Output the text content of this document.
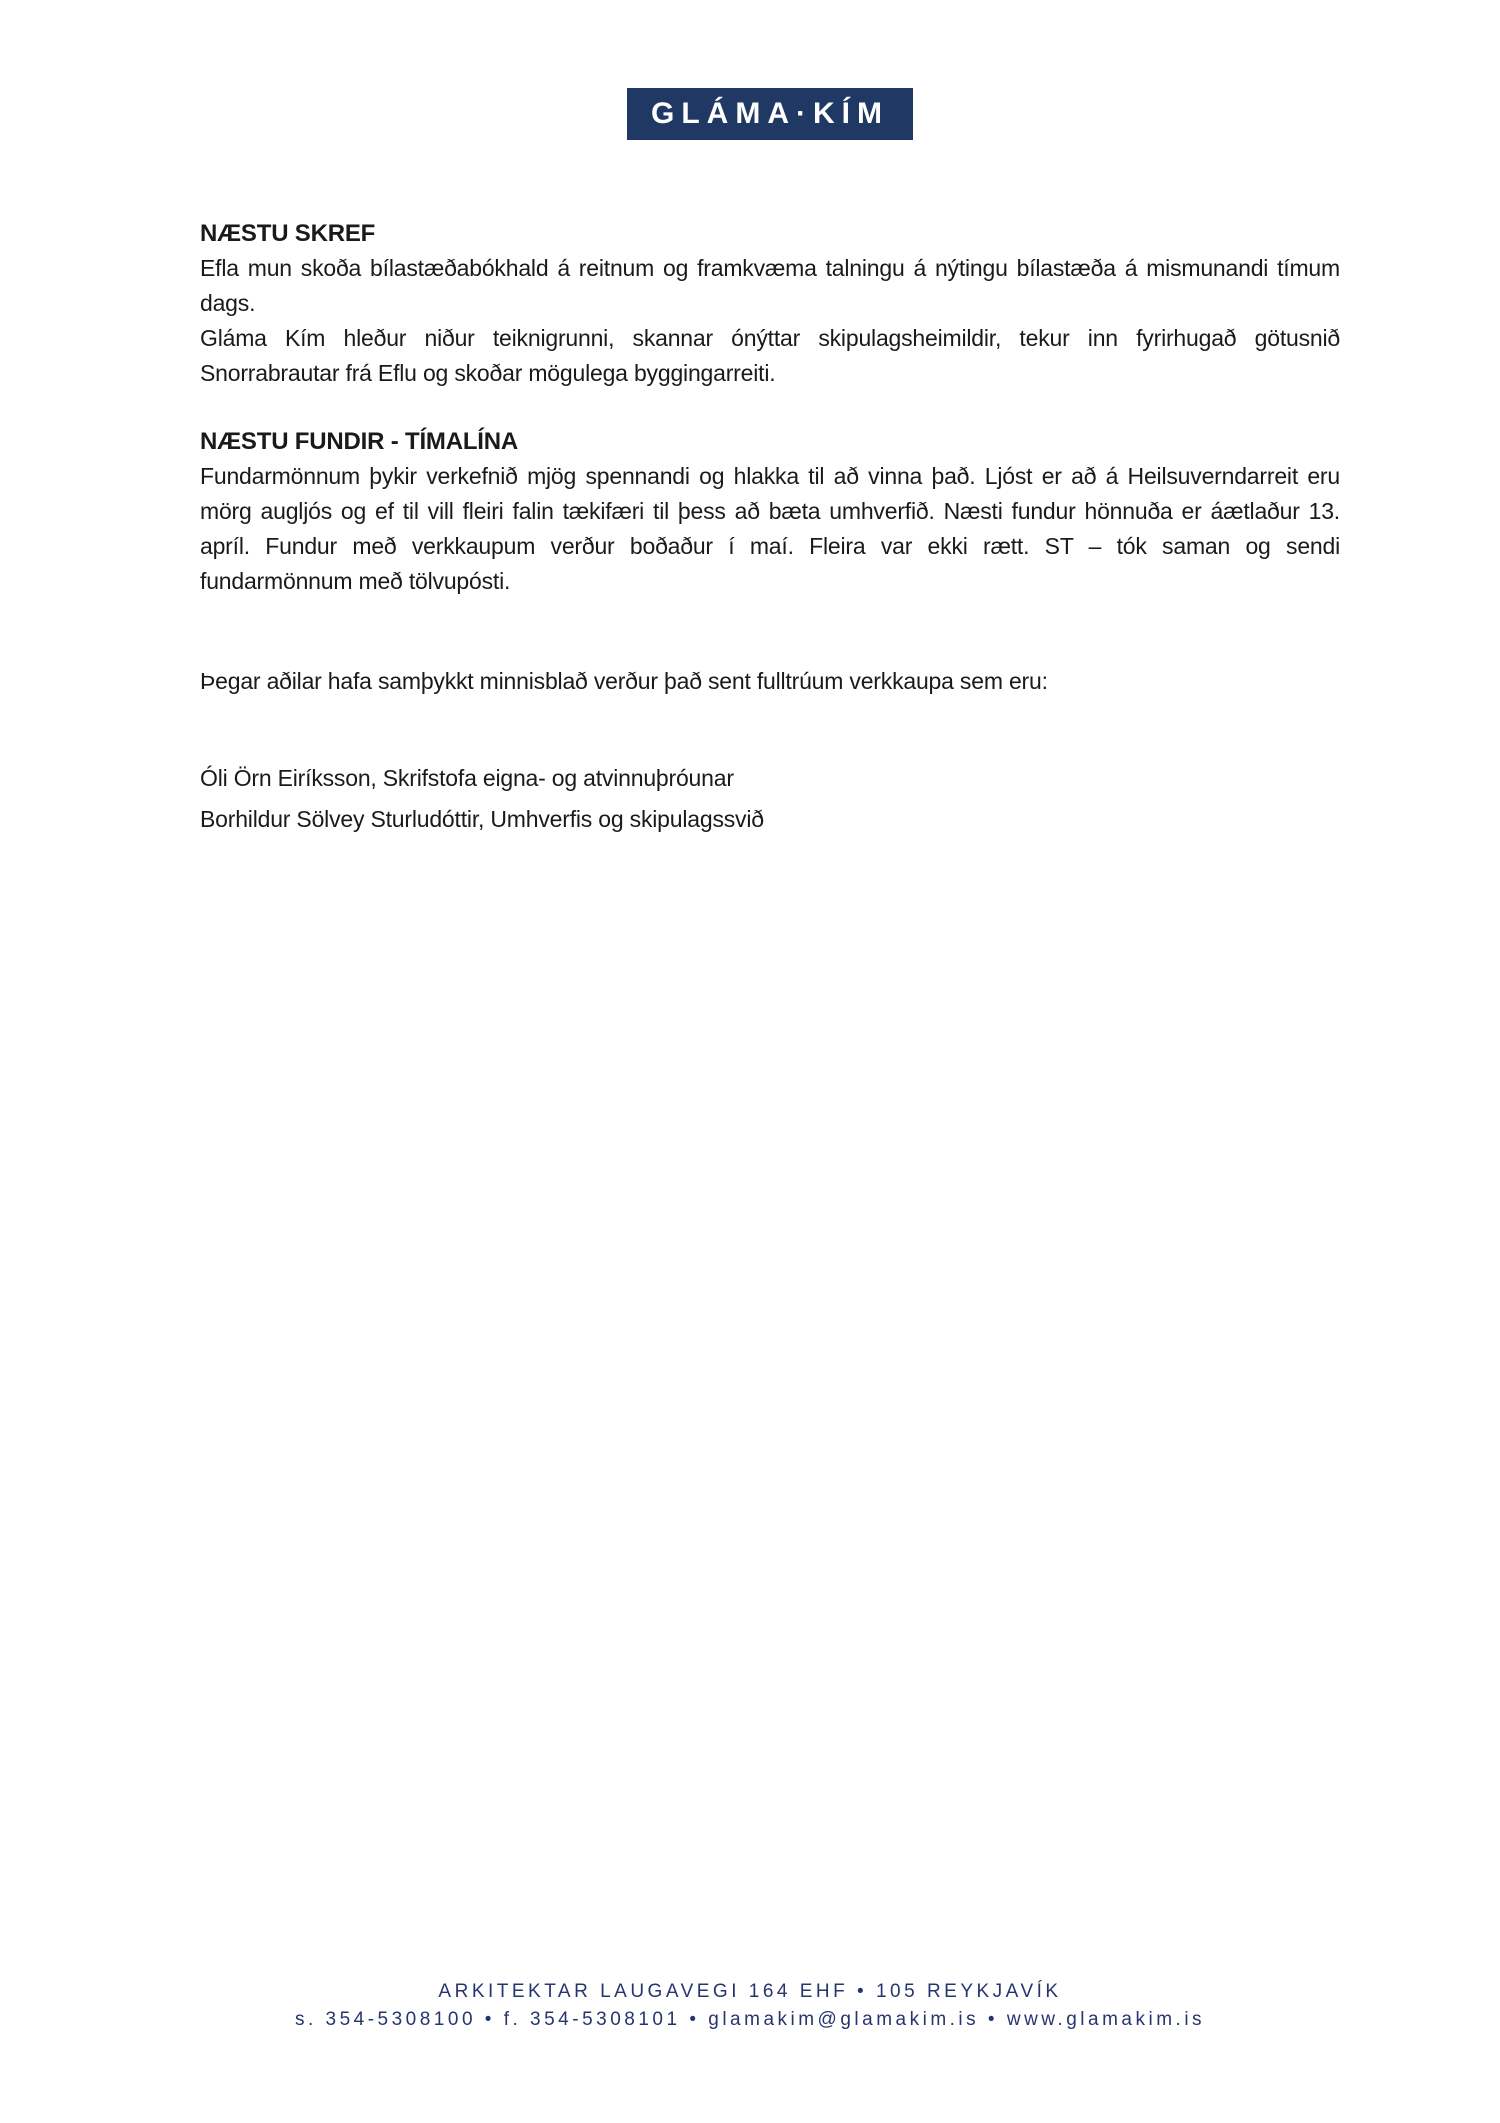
GLÁMA·KÍM
NÆSTU SKREF

Efla mun skoða bílastæðabókhald á reitnum og framkvæma talningu á nýtingu bílastæða á mismunandi tímum dags.

Gláma Kím hleður niður teiknigrunni, skannar ónýttar skipulagsheimildir, tekur inn fyrirhugað götusnið Snorrabrautar frá Eflu og skoðar mögulega byggingarreiti.

NÆSTU FUNDIR - TÍMALÍNA

Fundarmönnum þykir verkefnið mjög spennandi og hlakka til að vinna það. Ljóst er að á Heilsuverndarreit eru mörg augljós og ef til vill fleiri falin tækifæri til þess að bæta umhverfið. Næsti fundur hönnuða er áætlaður 13. apríl. Fundur með verkkaupum verður boðaður í maí. Fleira var ekki rætt. ST – tók saman og sendi fundarmönnum með tölvupósti.

Þegar aðilar hafa samþykkt minnisblað verður það sent fulltrúum verkkaupa sem eru:

Óli Örn Eiríksson, Skrifstofa eigna- og atvinnuþróunar

Borhildur Sölvey Sturludóttir, Umhverfis og skipulagssvið

ARKITEKTAR LAUGAVEGI 164 EHF • 105 REYKJAVÍK
s. 354-5308100 • f. 354-5308101 • glamakim@glamakim.is • www.glamakim.is
